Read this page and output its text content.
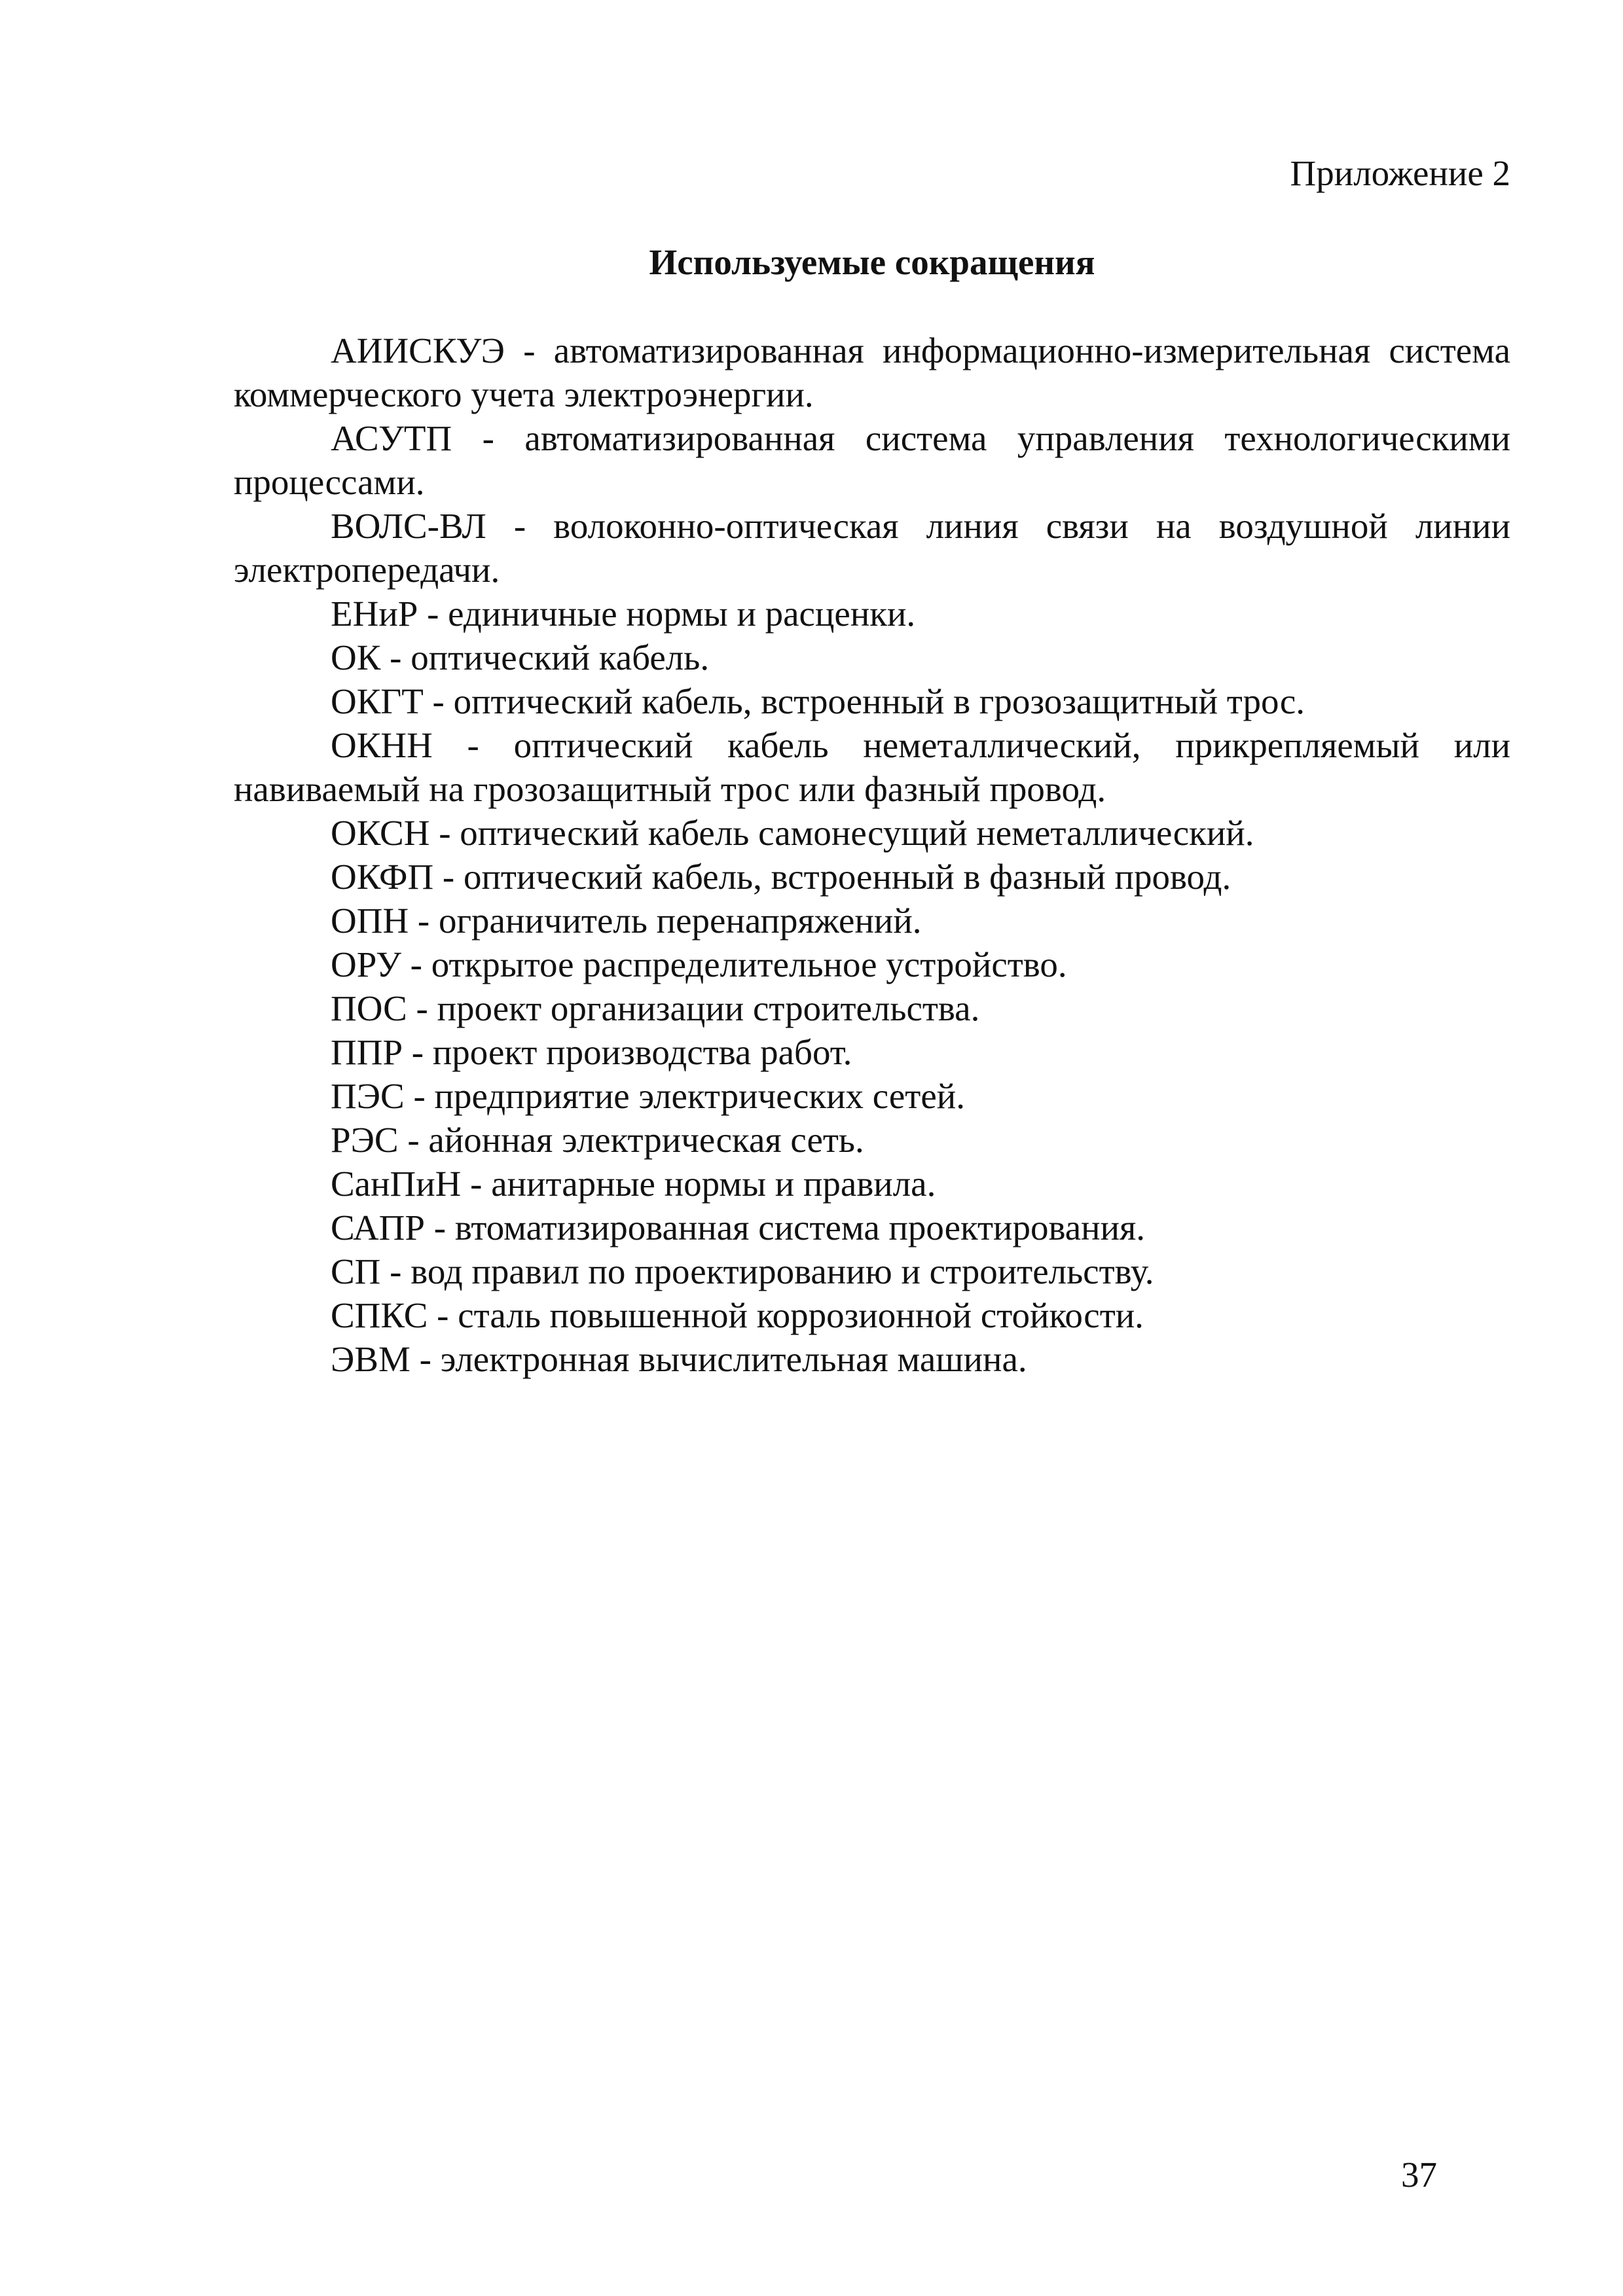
Приложение 2

Используемые сокращения
АИИСКУЭ - автоматизированная информационно-измерительная система коммерческого учета электроэнергии.
АСУТП - автоматизированная система управления технологическими процессами.
ВОЛС-ВЛ - волоконно-оптическая линия связи на воздушной линии электропередачи.
ЕНиР - единичные нормы и расценки.
ОК - оптический кабель.
ОКГТ - оптический кабель, встроенный в грозозащитный трос.
ОКНН - оптический кабель неметаллический, прикрепляемый или навиваемый на грозозащитный трос или фазный провод.
ОКСН - оптический кабель самонесущий неметаллический.
ОКФП - оптический кабель, встроенный в фазный провод.
ОПН - ограничитель перенапряжений.
ОРУ - открытое распределительное устройство.
ПОС - проект организации строительства.
ППР - проект производства работ.
ПЭС - предприятие электрических сетей.
РЭС - айонная электрическая сеть.
СанПиН - анитарные нормы и правила.
САПР - втоматизированная система проектирования.
СП - вод правил по проектированию и строительству.
СПКС - сталь повышенной коррозионной стойкости.
ЭВМ - электронная вычислительная машина.

37
